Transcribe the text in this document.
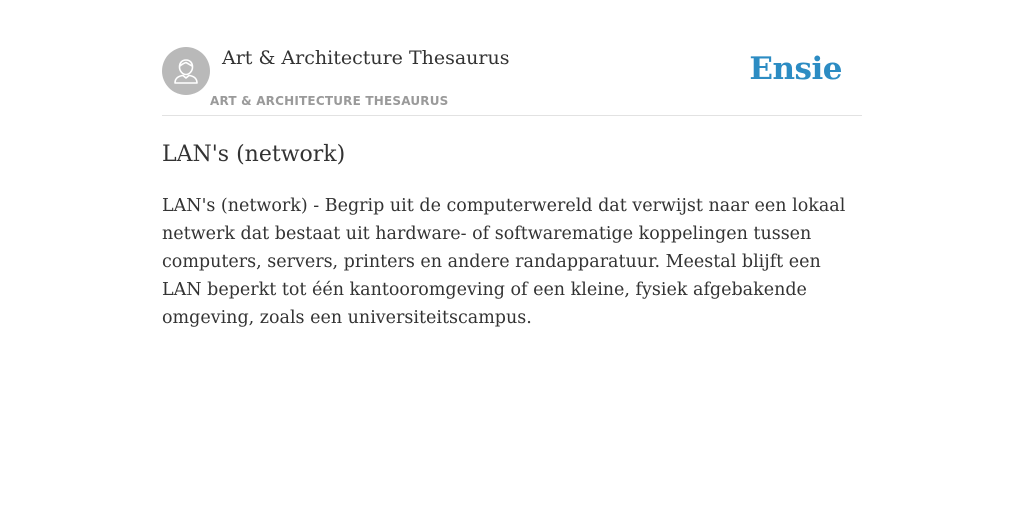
Art & Architecture Thesaurus
ART & ARCHITECTURE THESAURUS
Ensie
LAN's (network)

LAN's (network) - Begrip uit de computerwereld dat verwijst naar een lokaal netwerk dat bestaat uit hardware- of softwarematige koppelingen tussen computers, servers, printers en andere randapparatuur. Meestal blijft een LAN beperkt tot één kantooromgeving of een kleine, fysiek afgebakende omgeving, zoals een universiteitscampus.
